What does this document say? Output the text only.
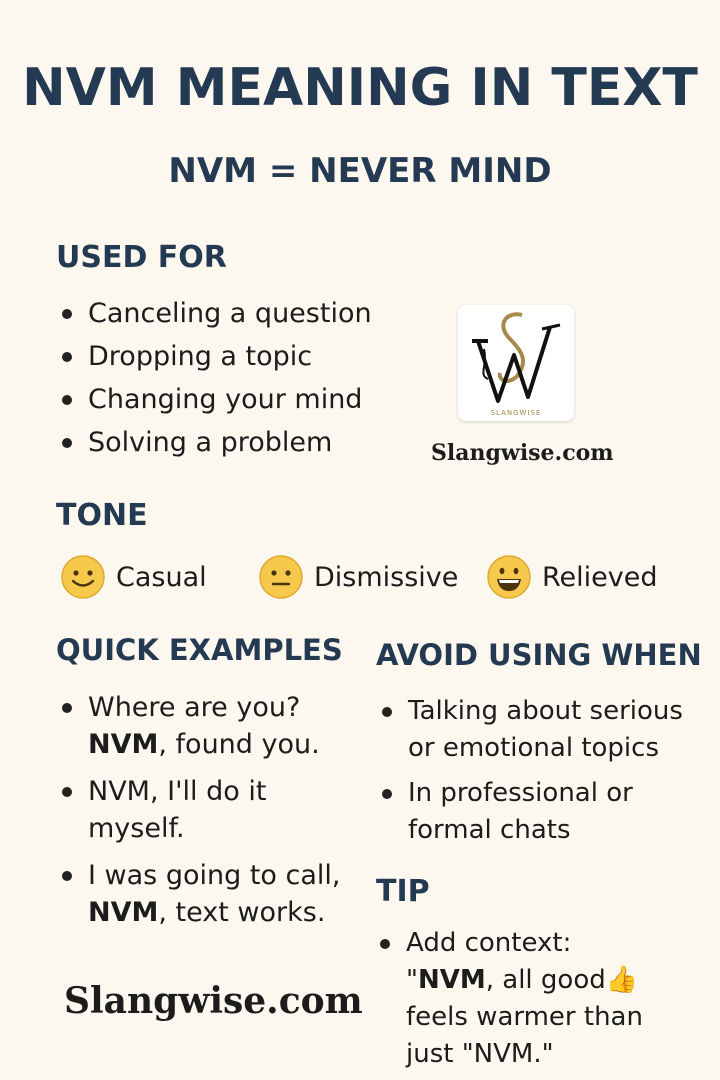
NVM MEANING IN TEXT
NVM = NEVER MIND
USED FOR
Canceling a question
Dropping a topic
Changing your mind
Solving a problem
SLANGWISE
Slangwise.com
TONE
Casual	Dismissive	Relieved
QUICK EXAMPLES
Where are you?
NVM, found you.
NVM, I'll do it
myself.
I was going to call,
NVM, text works.
AVOID USING WHEN
Talking about serious
or emotional topics
In professional or
formal chats
TIP
Add context:
"NVM, all good👍
feels warmer than
just "NVM."
Slangwise.com
